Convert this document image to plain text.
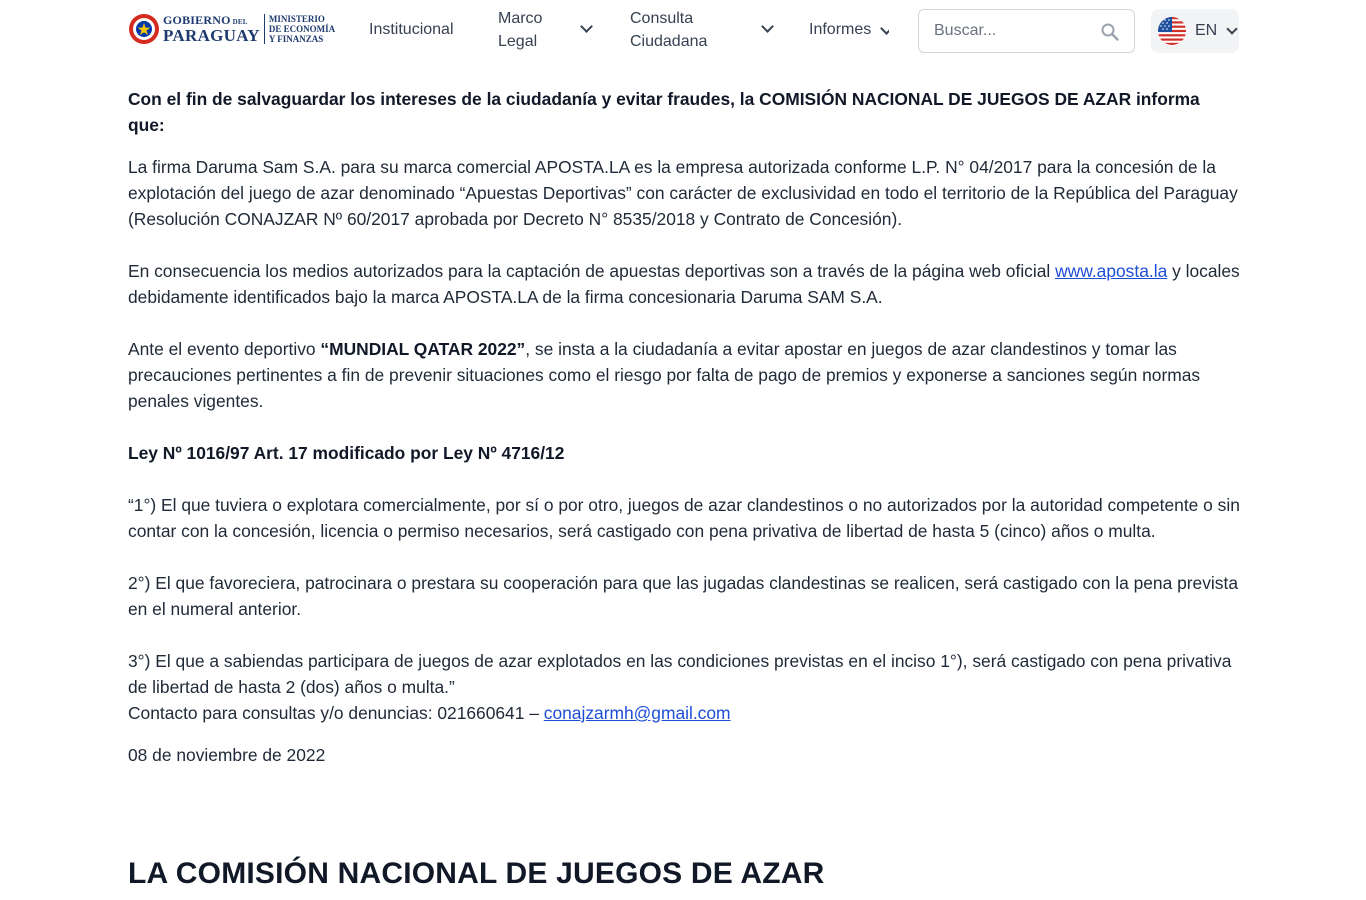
GOBIERNO DEL
PARAGUAY
MINISTERIO
DE ECONOMÍA
Y FINANZAS
Institucional
Marco
Legal
Consulta
Ciudadana
Informes
Buscar...	EN

Con el fin de salvaguardar los intereses de la ciudadanía y evitar fraudes, la COMISIÓN NACIONAL DE JUEGOS DE AZAR informa que:

La firma Daruma Sam S.A. para su marca comercial APOSTA.LA es la empresa autorizada conforme L.P. N° 04/2017 para la concesión de la explotación del juego de azar denominado “Apuestas Deportivas” con carácter de exclusividad en todo el territorio de la República del Paraguay (Resolución CONAJZAR Nº 60/2017 aprobada por Decreto N° 8535/2018 y Contrato de Concesión).

En consecuencia los medios autorizados para la captación de apuestas deportivas son a través de la página web oficial www.aposta.la y locales debidamente identificados bajo la marca APOSTA.LA de la firma concesionaria Daruma SAM S.A.

Ante el evento deportivo “MUNDIAL QATAR 2022”, se insta a la ciudadanía a evitar apostar en juegos de azar clandestinos y tomar las precauciones pertinentes a fin de prevenir situaciones como el riesgo por falta de pago de premios y exponerse a sanciones según normas penales vigentes.

Ley Nº 1016/97 Art. 17 modificado por Ley Nº 4716/12

“1°) El que tuviera o explotara comercialmente, por sí o por otro, juegos de azar clandestinos o no autorizados por la autoridad competente o sin contar con la concesión, licencia o permiso necesarios, será castigado con pena privativa de libertad de hasta 5 (cinco) años o multa.

2°) El que favoreciera, patrocinara o prestara su cooperación para que las jugadas clandestinas se realicen, será castigado con la pena prevista en el numeral anterior.

3°) El que a sabiendas participara de juegos de azar explotados en las condiciones previstas en el inciso 1°), será castigado con pena privativa de libertad de hasta 2 (dos) años o multa.”

Contacto para consultas y/o denuncias: 021660641 – conajzarmh@gmail.com

08 de noviembre de 2022

LA COMISIÓN NACIONAL DE JUEGOS DE AZAR
